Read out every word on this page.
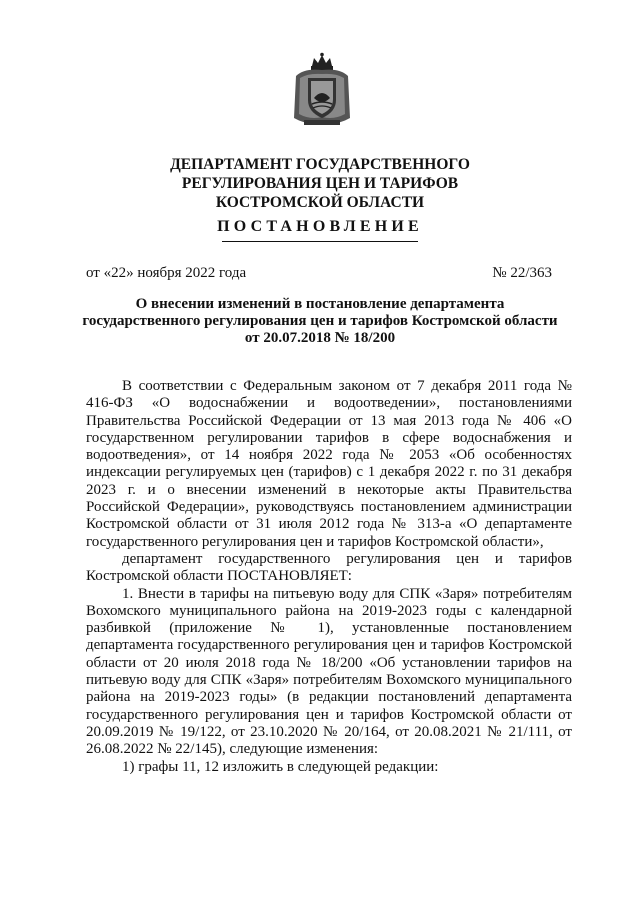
ДЕПАРТАМЕНТ ГОСУДАРСТВЕННОГО
РЕГУЛИРОВАНИЯ ЦЕН И ТАРИФОВ
КОСТРОМСКОЙ ОБЛАСТИ
ПОСТАНОВЛЕНИЕ
от «22» ноября 2022 года	№ 22/363
О внесении изменений в постановление департамента
государственного регулирования цен и тарифов Костромской области
от 20.07.2018 № 18/200

В соответствии с Федеральным законом от 7 декабря 2011 года № 416-ФЗ «О водоснабжении и водоотведении», постановлениями Правительства Российской Федерации от 13 мая 2013 года № 406 «О государственном регулировании тарифов в сфере водоснабжения и водоотведения», от 14 ноября 2022 года № 2053 «Об особенностях индексации регулируемых цен (тарифов) с 1 декабря 2022 г. по 31 декабря 2023 г. и о внесении изменений в некоторые акты Правительства Российской Федерации», руководствуясь постановлением администрации Костромской области от 31 июля 2012 года № 313-а «О департаменте государственного регулирования цен и тарифов Костромской области»,

департамент государственного регулирования цен и тарифов Костромской области ПОСТАНОВЛЯЕТ:

1. Внести в тарифы на питьевую воду для СПК «Заря» потребителям Вохомского муниципального района на 2019-2023 годы с календарной разбивкой (приложение № 1), установленные постановлением департамента государственного регулирования цен и тарифов Костромской области от 20 июля 2018 года № 18/200 «Об установлении тарифов на питьевую воду для СПК «Заря» потребителям Вохомского муниципального района на 2019-2023 годы» (в редакции постановлений департамента государственного регулирования цен и тарифов Костромской области от 20.09.2019 № 19/122, от 23.10.2020 № 20/164, от 20.08.2021 № 21/111, от 26.08.2022 № 22/145), следующие изменения:

1) графы 11, 12 изложить в следующей редакции:
